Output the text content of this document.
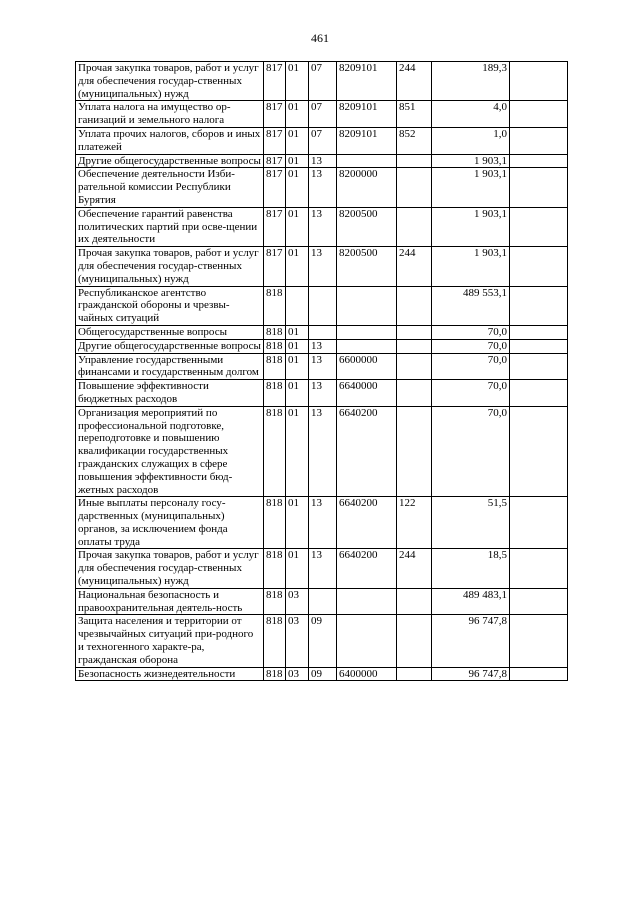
461
Прочая закупка товаров, работ и услуг для обеспечения государ-ственных (муниципальных) нужд	817	01	07	8209101	244	189,3	
Уплата налога на имущество ор-ганизаций и земельного налога	817	01	07	8209101	851	4,0	
Уплата прочих налогов, сборов и иных платежей	817	01	07	8209101	852	1,0	
Другие общегосударственные вопросы	817	01	13			1 903,1	
Обеспечение деятельности Изби-рательной комиссии Республики Бурятия	817	01	13	8200000		1 903,1	
Обеспечение гарантий равенства политических партий при осве-щении их деятельности	817	01	13	8200500		1 903,1	
Прочая закупка товаров, работ и услуг для обеспечения государ-ственных (муниципальных) нужд	817	01	13	8200500	244	1 903,1	
Республиканское агентство гражданской обороны и чрезвы-чайных ситуаций	818					489 553,1	
Общегосударственные вопросы	818	01				70,0	
Другие общегосударственные вопросы	818	01	13			70,0	
Управление государственными финансами и государственным долгом	818	01	13	6600000		70,0	
Повышение эффективности бюджетных расходов	818	01	13	6640000		70,0	
Организация мероприятий по профессиональной подготовке, переподготовке и повышению квалификации государственных гражданских служащих в сфере повышения эффективности бюд-жетных расходов	818	01	13	6640200		70,0	
Иные выплаты персоналу госу-дарственных (муниципальных) органов, за исключением фонда оплаты труда	818	01	13	6640200	122	51,5	
Прочая закупка товаров, работ и услуг для обеспечения государ-ственных (муниципальных) нужд	818	01	13	6640200	244	18,5	
Национальная безопасность и правоохранительная деятель-ность	818	03				489 483,1	
Защита населения и территории от чрезвычайных ситуаций при-родного и техногенного характе-ра, гражданская оборона	818	03	09			96 747,8	
Безопасность жизнедеятельности	818	03	09	6400000		96 747,8	
